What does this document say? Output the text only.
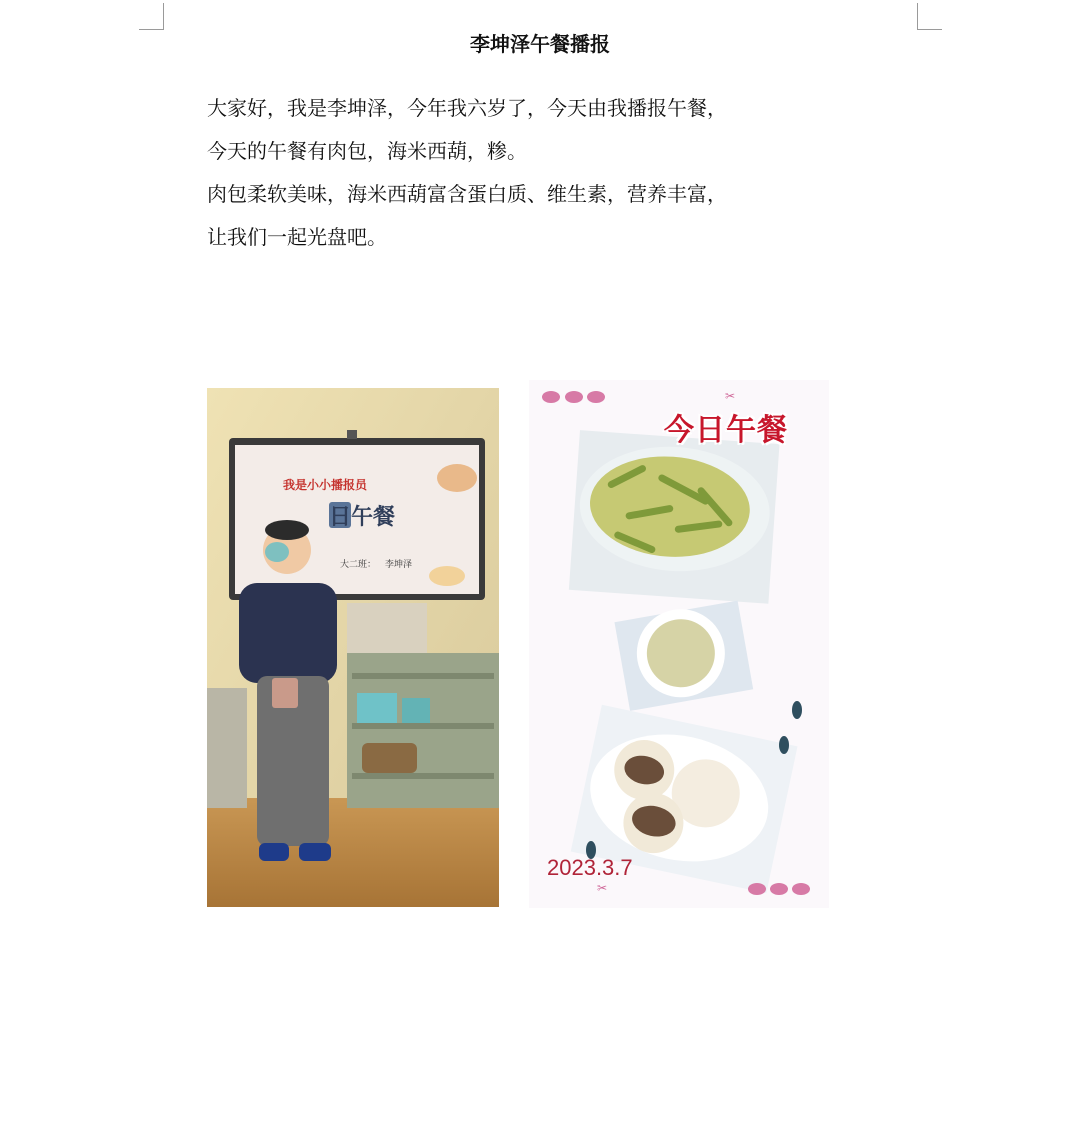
李坤泽午餐播报

大家好，我是李坤泽，今年我六岁了，今天由我播报午餐，

今天的午餐有肉包，海米西葫，糁。

肉包柔软美味，海米西葫富含蛋白质、维生素，营养丰富，

让我们一起光盘吧。

我是小小播报员
日午餐
大二班： 李坤泽
✂
✂
今日午餐
2023.3.7
